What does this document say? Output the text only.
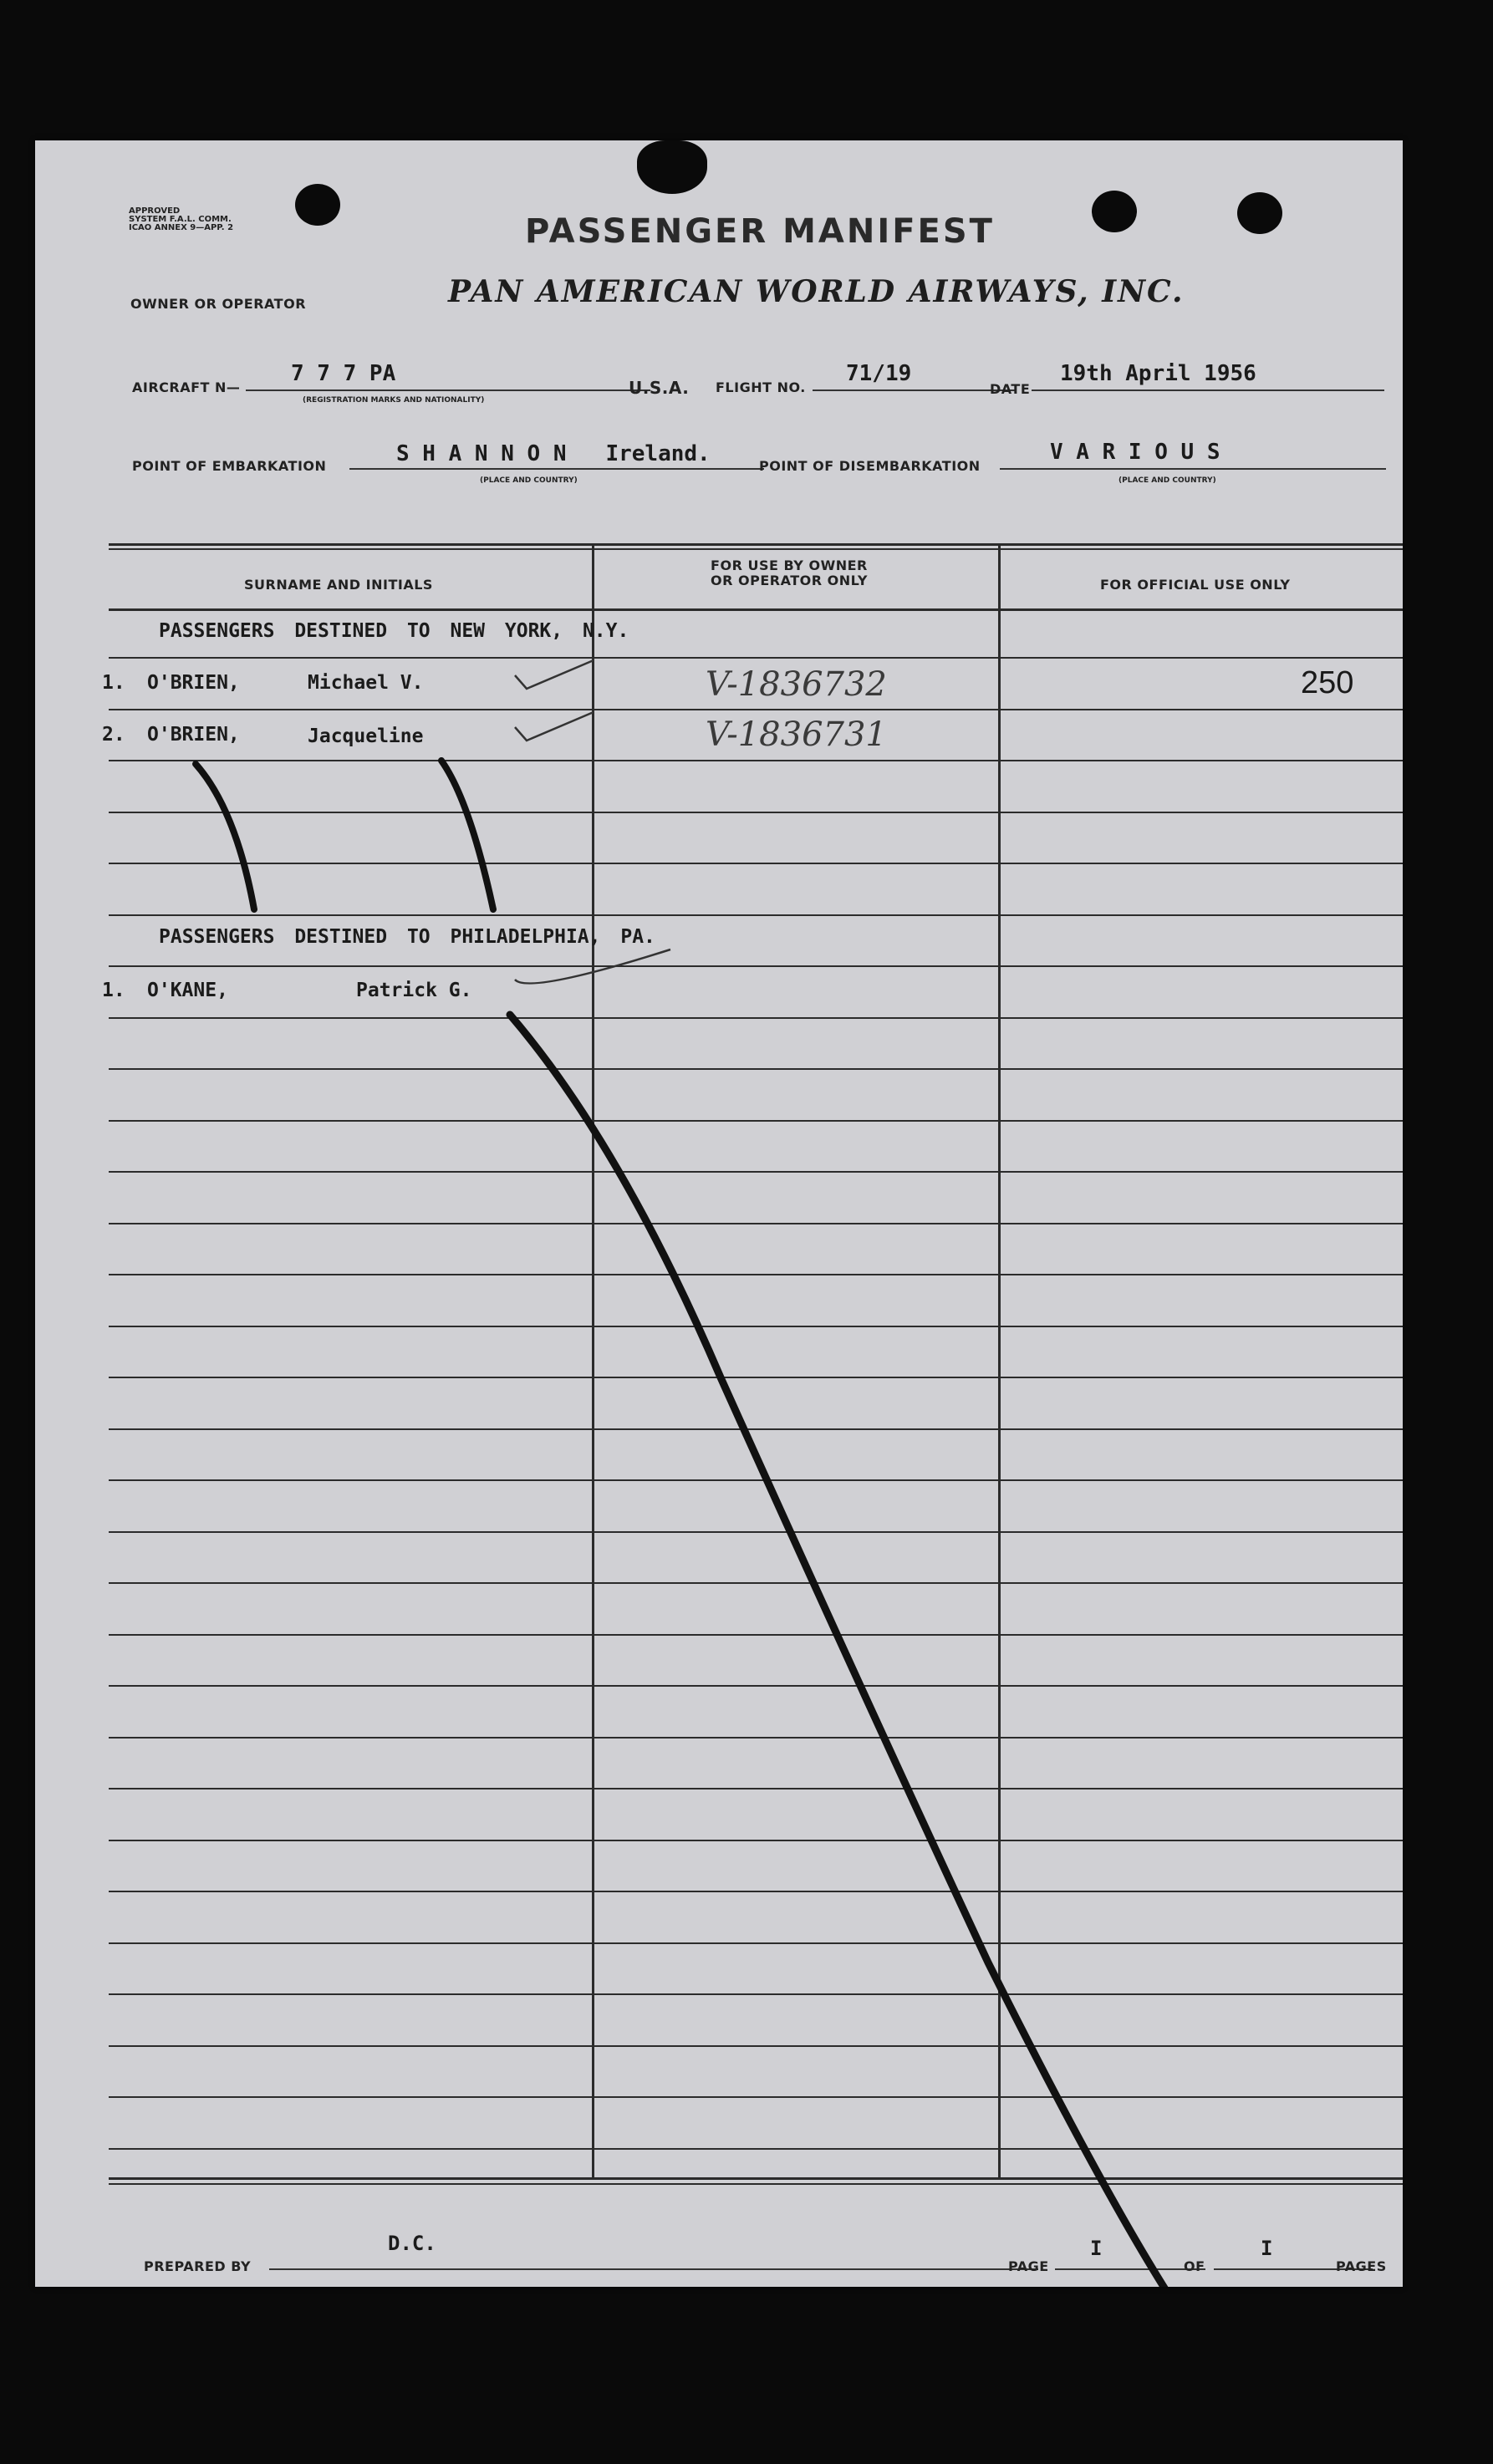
APPROVED
SYSTEM F.A.L. COMM.
ICAO ANNEX 9—APP. 2	PASSENGER MANIFEST
OWNER OR OPERATOR	PAN AMERICAN WORLD AIRWAYS, INC.
AIRCRAFT N—
7 7 7 PA
(REGISTRATION MARKS AND NATIONALITY)
U.S.A. FLIGHT NO.
71/19
DATE
19th April 1956
POINT OF EMBARKATION	S H A N N O N   Ireland.
(PLACE AND COUNTRY)
POINT OF DISEMBARKATION
V A R I O U S
(PLACE AND COUNTRY)
SURNAME AND INITIALS
FOR USE BY OWNER
OR OPERATOR ONLY	FOR OFFICIAL USE ONLY
PASSENGERS DESTINED TO NEW YORK, N.Y.
1. O'BRIEN,	Michael V.	V-1836732	250
2. O'BRIEN,	Jacqueline	V-1836731
PASSENGERS DESTINED TO PHILADELPHIA, PA.
1. O'KANE,	Patrick G.
PREPARED BY
D.C.
PAGE
I
OF
I
PAGES
